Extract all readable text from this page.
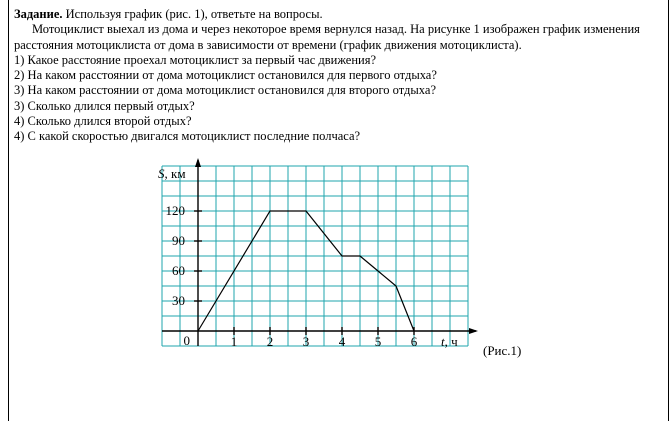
Задание. Используя график (рис. 1), ответьте на вопросы.

Мотоциклист выехал из дома и через некоторое время вернулся назад. На рисунке 1 изображен график изменения расстояния мотоциклиста от дома в зависимости от времени (график движения мотоциклиста).

1) Какое расстояние проехал мотоциклист за первый час движения?

2) На каком расстоянии от дома мотоциклист остановился для первого отдыха?

3) На каком расстоянии от дома мотоциклист остановился для второго отдыха?

3) Сколько длился первый отдых?

4) Сколько длился второй отдых?

4) С какой скоростью двигался мотоциклист последние полчаса?

1 2 3 4 5 6
30
60
90
120
0
S, км
t, ч
(Рис.1)
